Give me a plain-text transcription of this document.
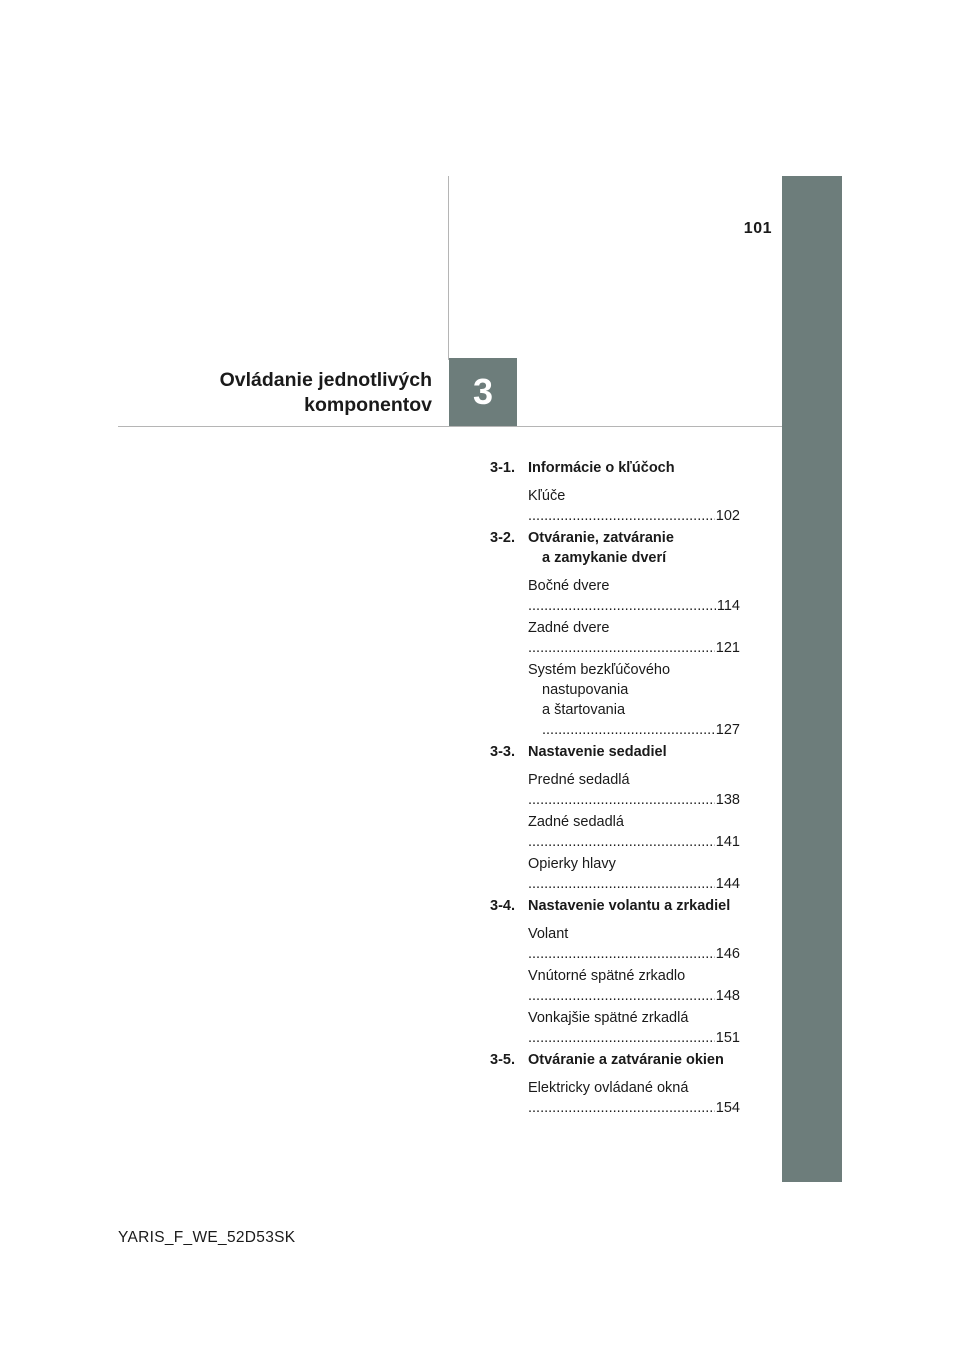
101
Ovládanie jednotlivých
komponentov 3
3-1. Informácie o kľúčoch
Kľúče .....
102
3-2. Otváranie, zatváranie
a zamykanie dverí
Bočné dvere .....
114
Zadné dvere .....
121
Systém bezkľúčového
nastupovania
a štartovania .....
127
3-3. Nastavenie sedadiel
Predné sedadlá .....
138
Zadné sedadlá .....
141
Opierky hlavy .....
144
3-4. Nastavenie volantu a zrkadiel
Volant .....
146
Vnútorné spätné zrkadlo .....
148
Vonkajšie spätné zrkadlá .....
151
3-5. Otváranie a zatváranie okien
Elektricky ovládané okná .....
154
YARIS_F_WE_52D53SK
